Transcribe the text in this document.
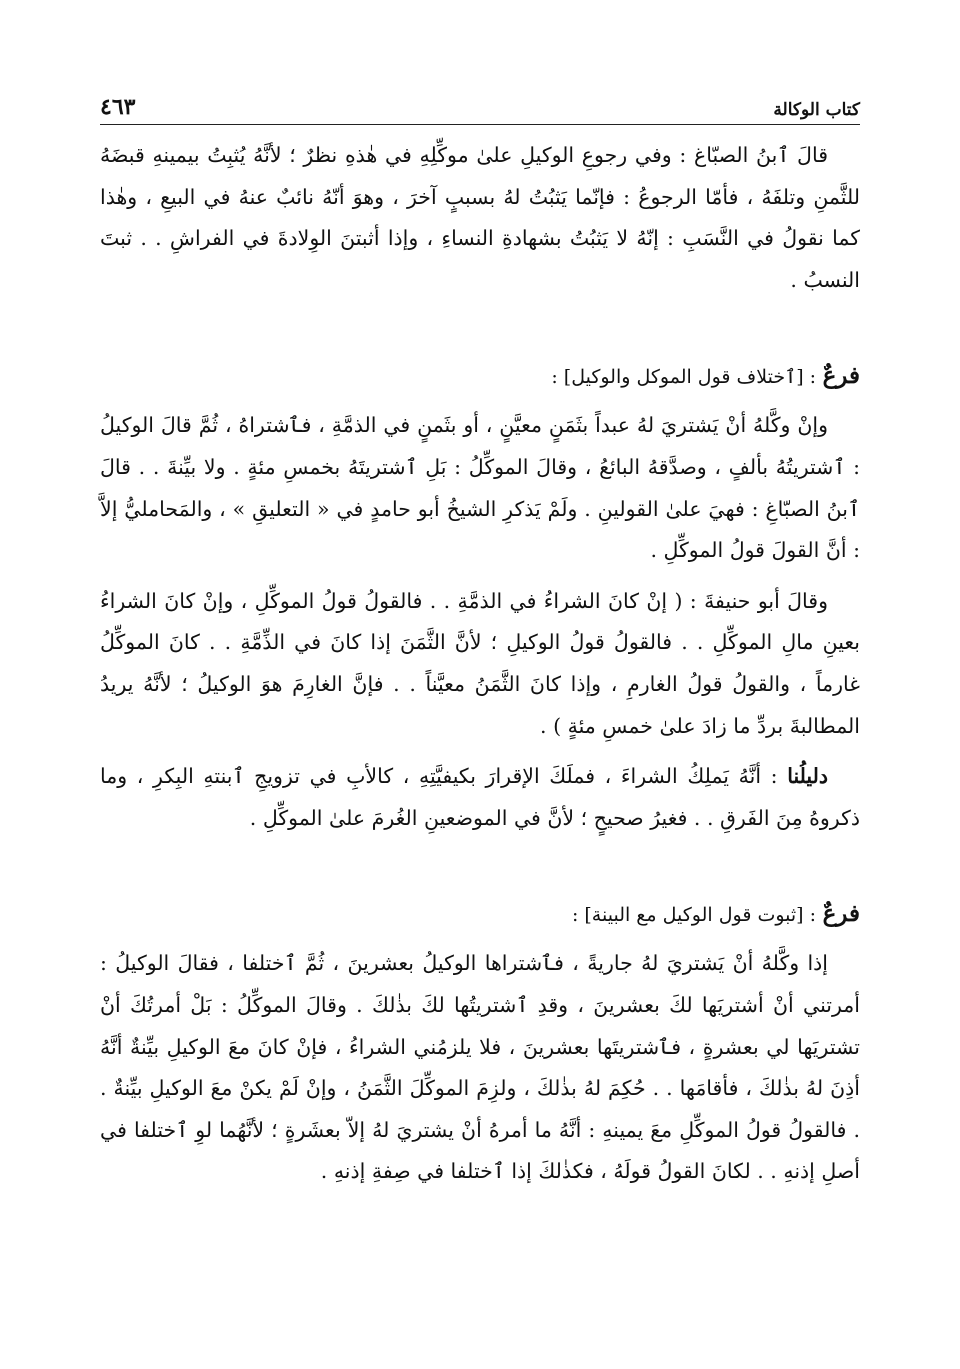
٤٦٣	كتاب الوكالة

قالَ ٱبنُ الصبّاغ : وفي رجوعِ الوكيلِ علىٰ موكِّلِهِ في هٰذهِ نظرٌ ؛ لأنَّهُ يُثبِتُ بيمينهِ قبضَهُ للثَّمنِ وتلفَهُ ، فأمّا الرجوعُ : فإنّما يَثبُتُ لهُ بسببٍ آخرَ ، وهوَ أنّهُ نائبٌ عنهُ في البيعِ ، وهٰذا كما نقولُ في النَّسَبِ : إنّهُ لا يَثبُتُ بشهادةِ النساءِ ، وإذا أثبتنَ الوِلادةَ في الفراشِ . . ثبتَ النسبُ .

فرعٌ : [ٱختلاف قول الموكل والوكيل] :

وإنْ وكَّلهُ أنْ يَشتريَ لهُ عبداً بثَمَنٍ معيَّنٍ ، أو بثَمنٍ في الذمَّةِ ، فٱشتراهُ ، ثُمَّ قالَ الوكيلُ : ٱشتريتُهُ بألفٍ ، وصدَّقهُ البائعُ ، وقالَ الموكِّلُ : بَلِ ٱشتريتَهُ بخمسِ مئةٍ . ولا بيِّنةَ . . قالَ ٱبنُ الصبّاغِ : فهيَ علىٰ القولينِ . ولَمْ يَذكرِ الشيخُ أبو حامدٍ في « التعليقِ » ، والمَحامليُّ إلاَّ : أنَّ القولَ قولُ الموكِّلِ .

وقالَ أبو حنيفةَ : ( إنْ كانَ الشراءُ في الذمَّةِ . . فالقولُ قولُ الموكِّلِ ، وإنْ كانَ الشراءُ بعينِ مالِ الموكِّلِ . . فالقولُ قولُ الوكيلِ ؛ لأنَّ الثَّمَنَ إذا كانَ في الذِّمَّةِ . . كانَ الموكِّلُ غارماً ، والقولُ قولُ الغارمِ ، وإذا كانَ الثَّمَنُ معيَّناً . . فإنَّ الغارِمَ هوَ الوكيلُ ؛ لأنَّهُ يريدُ المطالبةَ بردِّ ما زادَ علىٰ خمسِ مئةٍ ) .

دليلُنا : أنَّهُ يَملِكُ الشراءَ ، فملَكَ الإقرارَ بكيفيَّتِهِ ، كالأبِ في تزويجِ ٱبنتهِ البِكرِ ، وما ذكروهُ مِنَ الفَرقِ . . فغيرُ صحيحٍ ؛ لأنَّ في الموضعينِ الغُرمَ علىٰ الموكِّلِ .

فرعٌ : [ثبوت قول الوكيل مع البينة] :

إذا وكَّلهُ أنْ يَشتريَ لهُ جاريةً ، فٱشتراها الوكيلُ بعشرينَ ، ثُمَّ ٱختلفا ، فقالَ الوكيلُ : أمرتني أنْ أشتريَها لكَ بعشرينَ ، وقدِ ٱشتريتُها لكَ بذٰلكَ . وقالَ الموكِّلُ : بَلْ أمرتُكَ أنْ تشتريَها لي بعشرةٍ ، فٱشتريتَها بعشرينَ ، فلا يلزمُني الشراءُ ، فإنْ كانَ معَ الوكيلِ بيِّنةٌ أنَّهُ أذِنَ لهُ بذٰلكَ ، فأقامَها . . حُكِمَ لهُ بذٰلكَ ، ولزِمَ الموكِّلَ الثَّمَنُ ، وإنْ لَمْ يكنْ معَ الوكيلِ بيِّنةٌ . . فالقولُ قولُ الموكِّلِ معَ يمينهِ : أنَّهُ ما أمرهُ أنْ يشتريَ لهُ إلاّ بعشَرةٍ ؛ لأنَّهُما لوِ ٱختلفا في أصلِ إذنهِ . . لكانَ القولُ قولَهُ ، فكذٰلكَ إذا ٱختلفا في صِفةِ إذنهِ .
